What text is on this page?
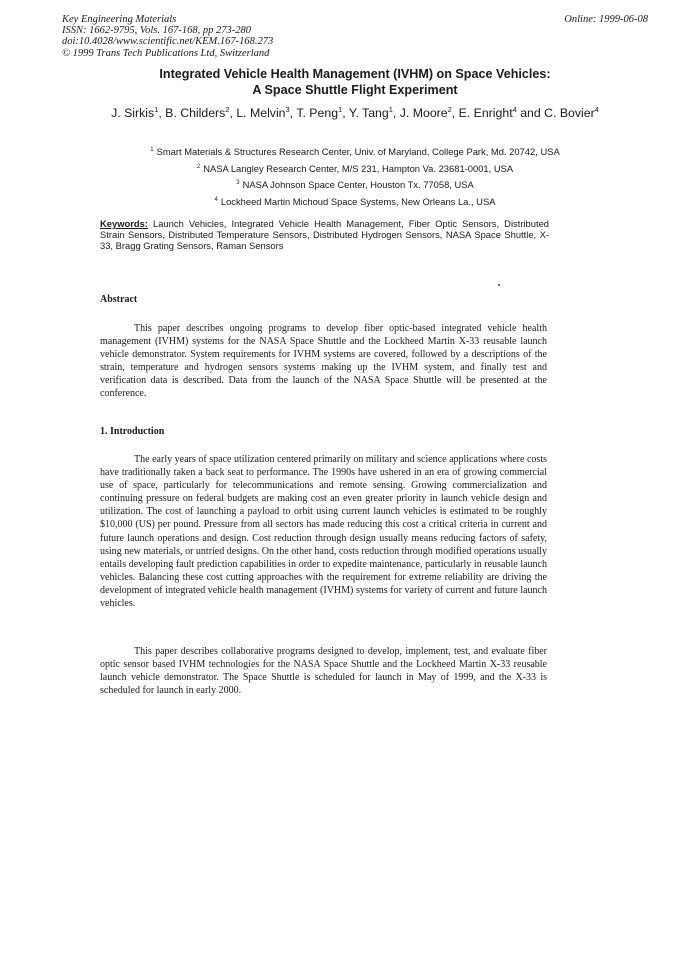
Key Engineering Materials
ISSN: 1662-9795, Vols. 167-168, pp 273-280
doi:10.4028/www.scientific.net/KEM.167-168.273
© 1999 Trans Tech Publications Ltd, Switzerland
Online: 1999-06-08
Integrated Vehicle Health Management (IVHM) on Space Vehicles:
A Space Shuttle Flight Experiment
J. Sirkis$^1$, B. Childers$^2$, L. Melvin$^3$, T. Peng$^1$, Y. Tang$^1$, J. Moore$^2$, E. Enright$^4$ and C. Bovier$^4$
$^1$ Smart Materials & Structures Research Center, Univ. of Maryland, College Park, Md. 20742, USA
$^2$ NASA Langley Research Center, M/S 231, Hampton Va. 23681-0001, USA
$^3$ NASA Johnson Space Center, Houston Tx. 77058, USA
$^4$ Lockheed Martin Michoud Space Systems, New Orleans La., USA
Keywords: Launch Vehicles, Integrated Vehicle Health Management, Fiber Optic Sensors, Distributed Strain Sensors, Distributed Temperature Sensors, Distributed Hydrogen Sensors, NASA Space Shuttle, X-33, Bragg Grating Sensors, Raman Sensors
Abstract

This paper describes ongoing programs to develop fiber optic-based integrated vehicle health management (IVHM) systems for the NASA Space Shuttle and the Lockheed Martin X-33 reusable launch vehicle demonstrator. System requirements for IVHM systems are covered, followed by a descriptions of the strain, temperature and hydrogen sensors systems making up the IVHM system, and finally test and verification data is described. Data from the launch of the NASA Space Shuttle will be presented at the conference.

1. Introduction

The early years of space utilization centered primarily on military and science applications where costs have traditionally taken a back seat to performance. The 1990s have ushered in an era of growing commercial use of space, particularly for telecommunications and remote sensing. Growing commercialization and continuing pressure on federal budgets are making cost an even greater priority in launch vehicle design and utilization. The cost of launching a payload to orbit using current launch vehicles is estimated to be roughly $10,000 (US) per pound. Pressure from all sectors has made reducing this cost a critical criteria in current and future launch operations and design. Cost reduction through design usually means reducing factors of safety, using new materials, or untried designs. On the other hand, costs reduction through modified operations usually entails developing fault prediction capabilities in order to expedite maintenance, particularly in reusable launch vehicles. Balancing these cost cutting approaches with the requirement for extreme reliability are driving the development of integrated vehicle health management (IVHM) systems for variety of current and future launch vehicles.

This paper describes collaborative programs designed to develop, implement, test, and evaluate fiber optic sensor based IVHM technologies for the NASA Space Shuttle and the Lockheed Martin X-33 reusable launch vehicle demonstrator. The Space Shuttle is scheduled for launch in May of 1999, and the X-33 is scheduled for launch in early 2000.
